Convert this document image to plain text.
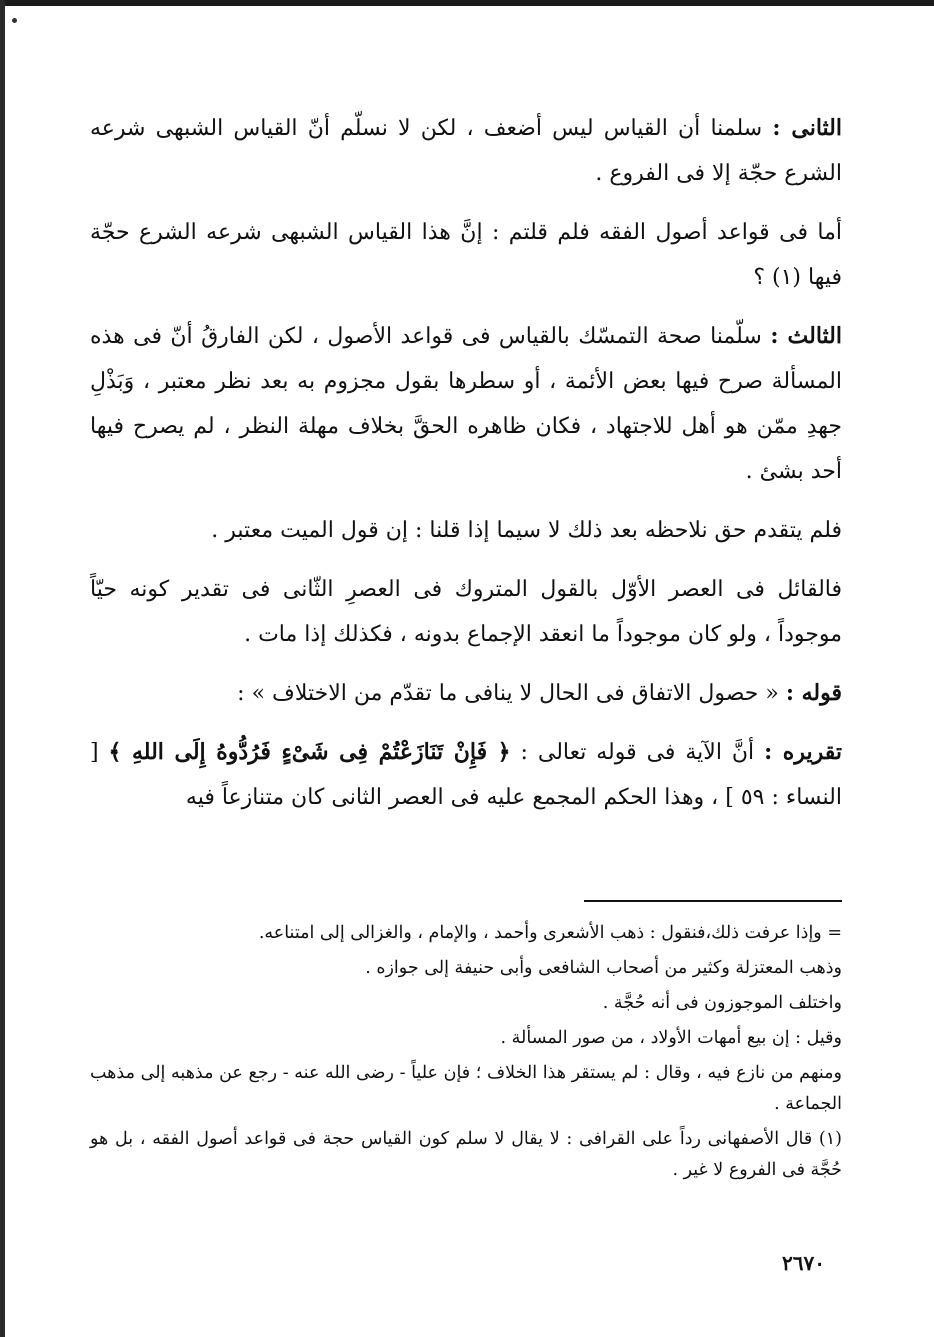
الثانى : سلمنا أن القياس ليس أضعف ، لكن لا نسلّم أنّ القياس الشبهى شرعه الشرع حجّة إلا فى الفروع .

أما فى قواعد أصول الفقه فلم قلتم : إنَّ هذا القياس الشبهى شرعه الشرع حجّة فيها (١) ؟

الثالث : سلّمنا صحة التمسّك بالقياس فى قواعد الأصول ، لكن الفارقُ أنّ فى هذه المسألة صرح فيها بعض الأئمة ، أو سطرها بقول مجزوم به بعد نظر معتبر ، وَبَذْلِ جهدِ ممّن هو أهل للاجتهاد ، فكان ظاهره الحقَّ بخلاف مهلة النظر ، لم يصرح فيها أحد بشئ .

فلم يتقدم حق نلاحظه بعد ذلك لا سيما إذا قلنا : إن قول الميت معتبر .

فالقائل فى العصر الأوّل بالقول المتروك فى العصرِ الثّانى فى تقدير كونه حيّاً موجوداً ، ولو كان موجوداً ما انعقد الإجماع بدونه ، فكذلك إذا مات .

قوله : « حصول الاتفاق فى الحال لا ينافى ما تقدّم من الاختلاف » :

تقريره : أنَّ الآية فى قوله تعالى : ﴿ فَإِنْ تَنَازَعْتُمْ فِى شَىْءٍ فَرُدُّوهُ إِلَى اللهِ ﴾ [ النساء : ٥٩ ] ، وهذا الحكم المجمع عليه فى العصر الثانى كان متنازعاً فيه

= وإذا عرفت ذلك،فنقول : ذهب الأشعرى وأحمد ، والإمام ، والغزالى إلى امتناعه.

وذهب المعتزلة وكثير من أصحاب الشافعى وأبى حنيفة إلى جوازه .

واختلف الموجوزون فى أنه حُجَّة .

وقيل : إن بيع أمهات الأولاد ، من صور المسألة .

ومنهم من نازع فيه ، وقال : لم يستقر هذا الخلاف ؛ فإن علياً - رضى الله عنه - رجع عن مذهبه إلى مذهب الجماعة .

(١) قال الأصفهانى رداً على القرافى : لا يقال لا سلم كون القياس حجة فى قواعد أصول الفقه ، بل هو حُجَّة فى الفروع لا غير .

٢٦٧٠
